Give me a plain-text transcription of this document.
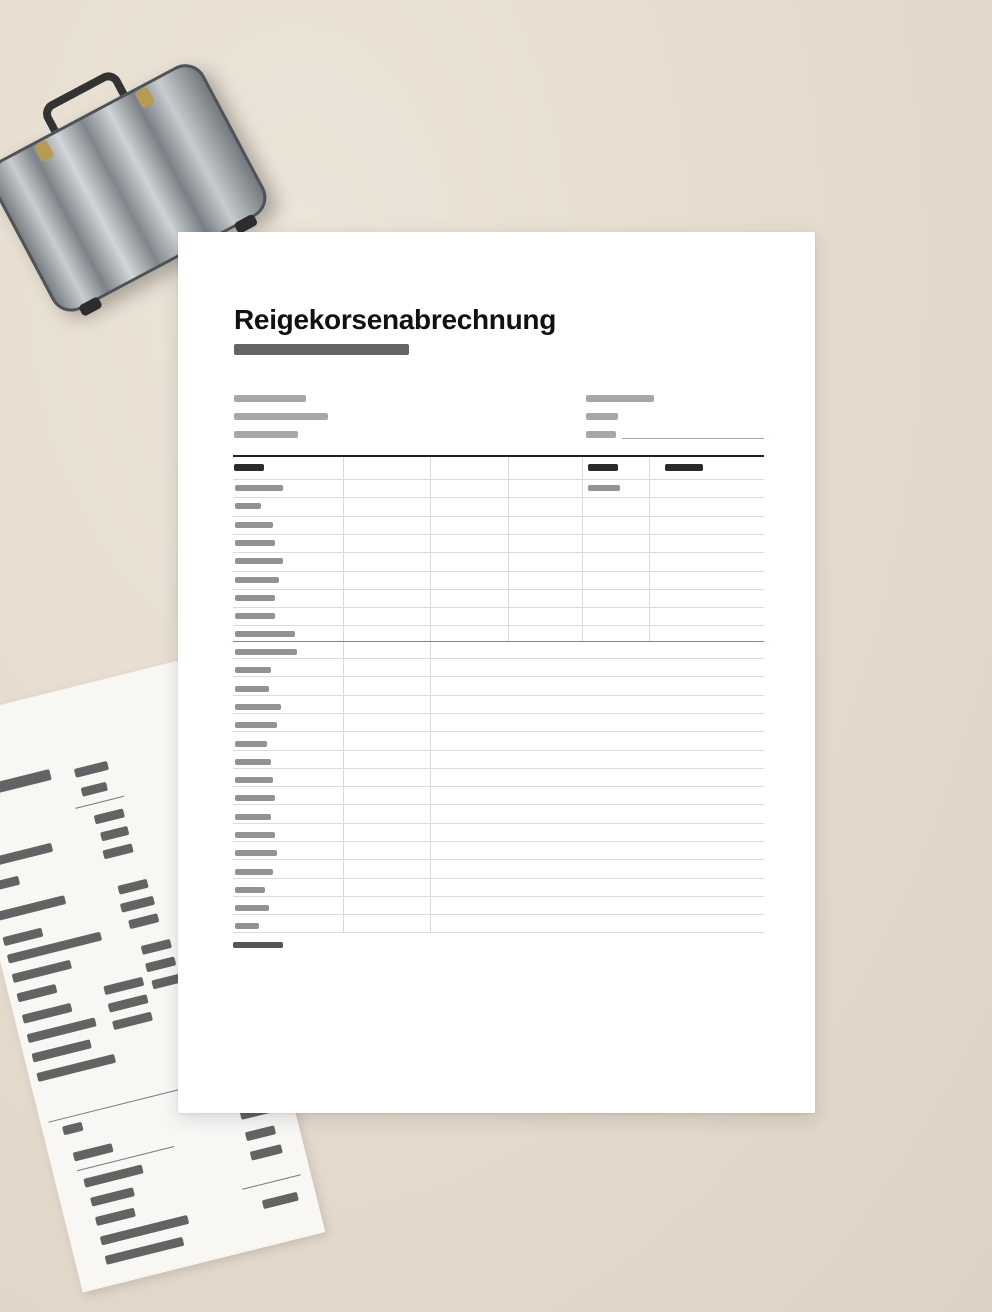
Reigekorsenabrechnung
